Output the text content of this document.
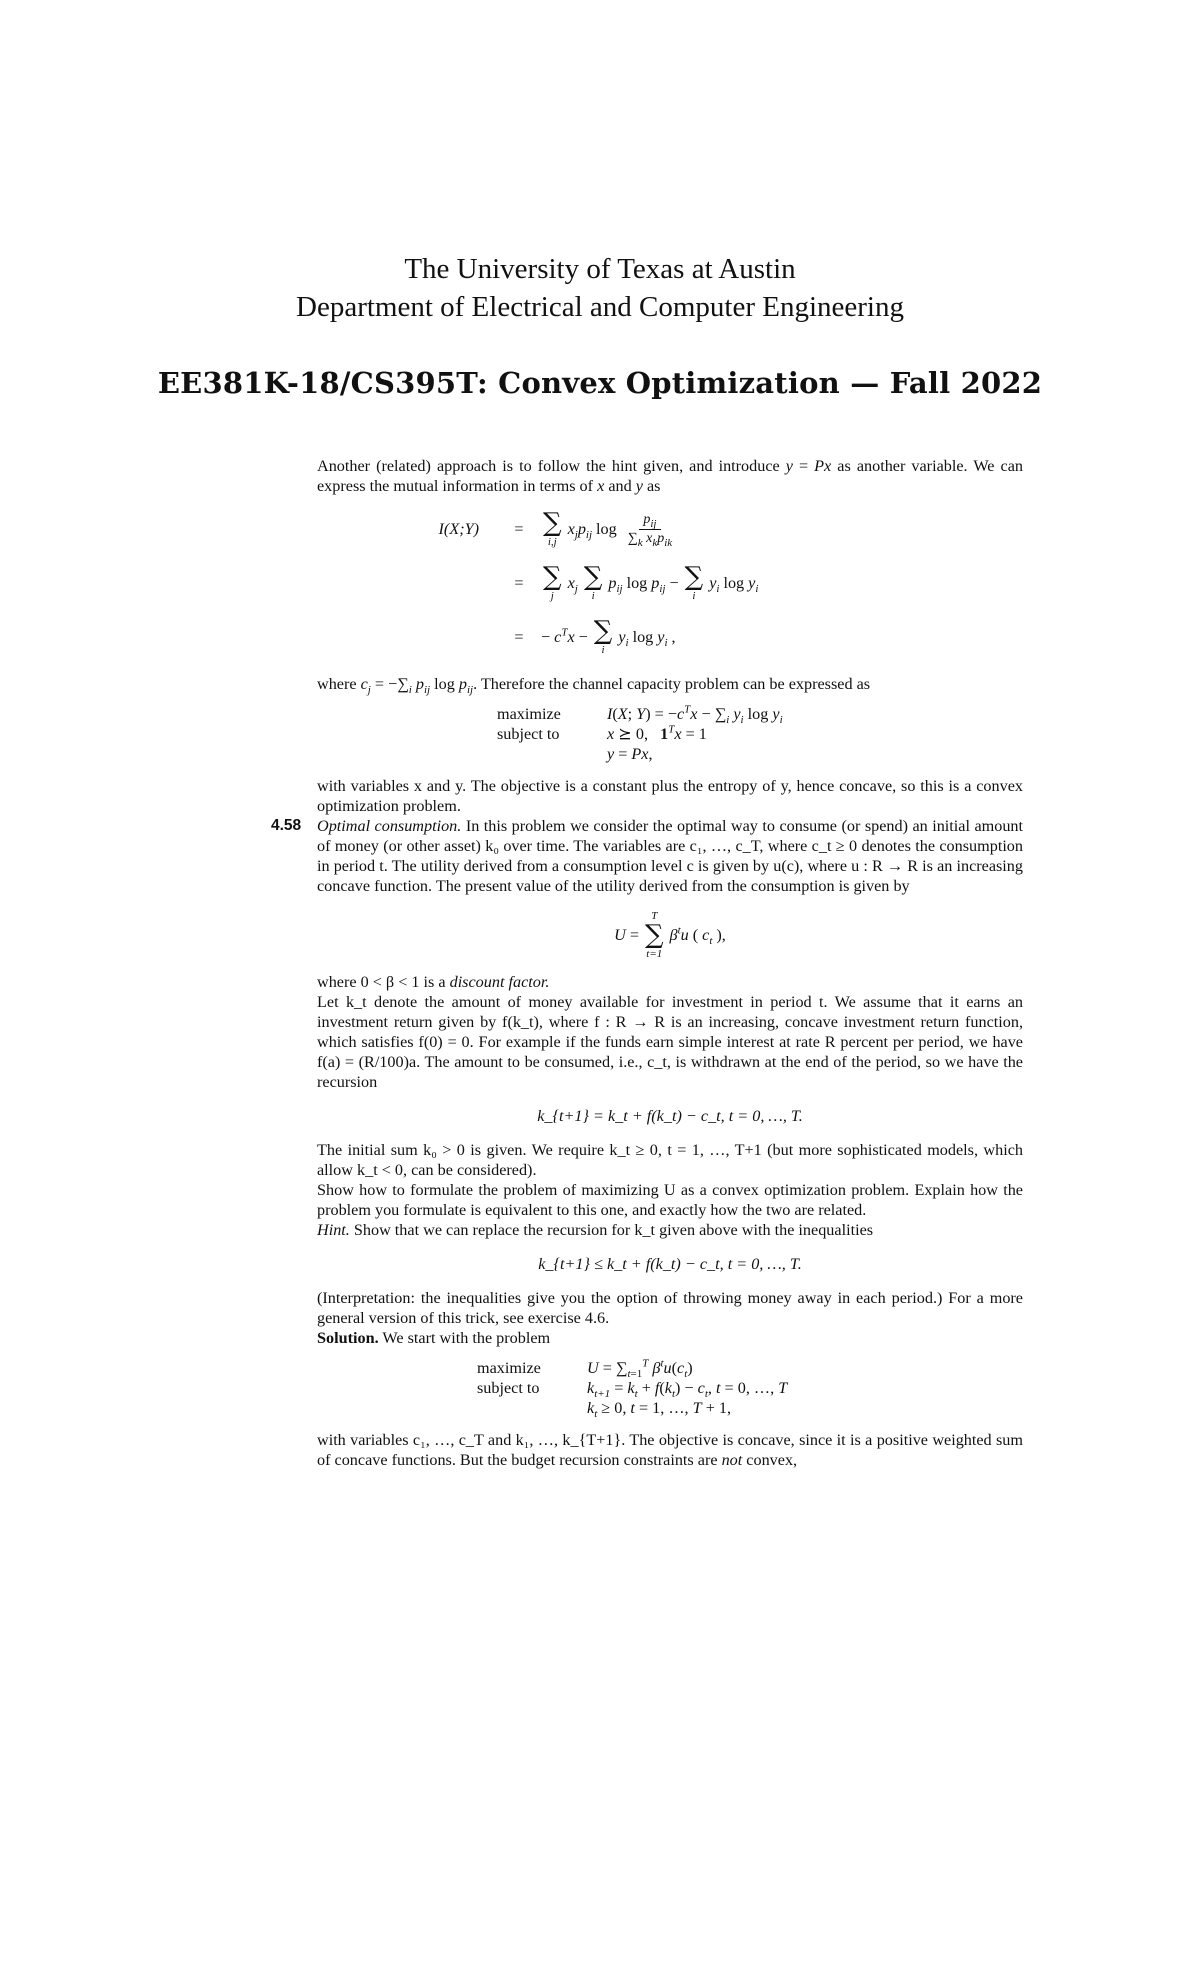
The University of Texas at Austin
Department of Electrical and Computer Engineering
EE381K-18/CS395T: Convex Optimization — Fall 2022

Another (related) approach is to follow the hint given, and introduce y = Px as another variable. We can express the mutual information in terms of x and y as

I(X;Y)	= ∑
i,j
$x_jp_{ij}$ $\log \frac{p_{ij}}{\sum_k x_kp_{ik}}$
= ∑
j
$x_j$ ∑
i
$p_{ij}$ $\log p_{ij}$ − ∑
i
$y_i$ $\log y_i$
=	− $c^Tx$ − ∑
i
$y_i$ $\log y_i$ ,

where $c_j = -\sum_i$ $p_{ij}$ $\log p_{ij}$. Therefore the channel capacity problem can be expressed as

maximize	I(X; $Y) = -c^Tx - \sum_i$ $y_i$ $\log y_i$
subject to	x ⪰ 0,   $1^Tx = 1$
y = Px,

with variables x and y. The objective is a constant plus the entropy of y, hence concave, so this is a convex optimization problem.

4.58 Optimal consumption. In this problem we consider the optimal way to consume (or spend) an initial amount of money (or other asset) k₀ over time. The variables are c₁, …, c_T, where c_t ≥ 0 denotes the consumption in period t. The utility derived from a consumption level c is given by u(c), where u : R → R is an increasing concave function. The present value of the utility derived from the consumption is given by

U =
T
∑
t=1
$\beta^tu$ ( $c_t$ ),

where 0 < β < 1 is a discount factor.

Let k_t denote the amount of money available for investment in period t. We assume that it earns an investment return given by f(k_t), where f : R → R is an increasing, concave investment return function, which satisfies f(0) = 0. For example if the funds earn simple interest at rate R percent per period, we have f(a) = (R/100)a. The amount to be consumed, i.e., c_t, is withdrawn at the end of the period, so we have the recursion

k_{t+1} = k_t + f(k_t) − c_t, t = 0, …, T.

The initial sum k₀ > 0 is given. We require k_t ≥ 0, t = 1, …, T+1 (but more sophisticated models, which allow k_t < 0, can be considered).

Show how to formulate the problem of maximizing U as a convex optimization problem. Explain how the problem you formulate is equivalent to this one, and exactly how the two are related.

Hint. Show that we can replace the recursion for k_t given above with the inequalities

k_{t+1} ≤ k_t + f(k_t) − c_t, t = 0, …, T.

(Interpretation: the inequalities give you the option of throwing money away in each period.) For a more general version of this trick, see exercise 4.6.

Solution. We start with the problem

maximize	$U = \sum_{t=1}^T$ $\beta^tu(c_t)$
subject to	$k_{t+1} = k_t + f(k_t) - c_t$, t = 0, …, T
$k_t \ge 0$, t = 1, …, T + 1,

with variables c₁, …, c_T and k₁, …, k_{T+1}. The objective is concave, since it is a positive weighted sum of concave functions. But the budget recursion constraints are not convex,
